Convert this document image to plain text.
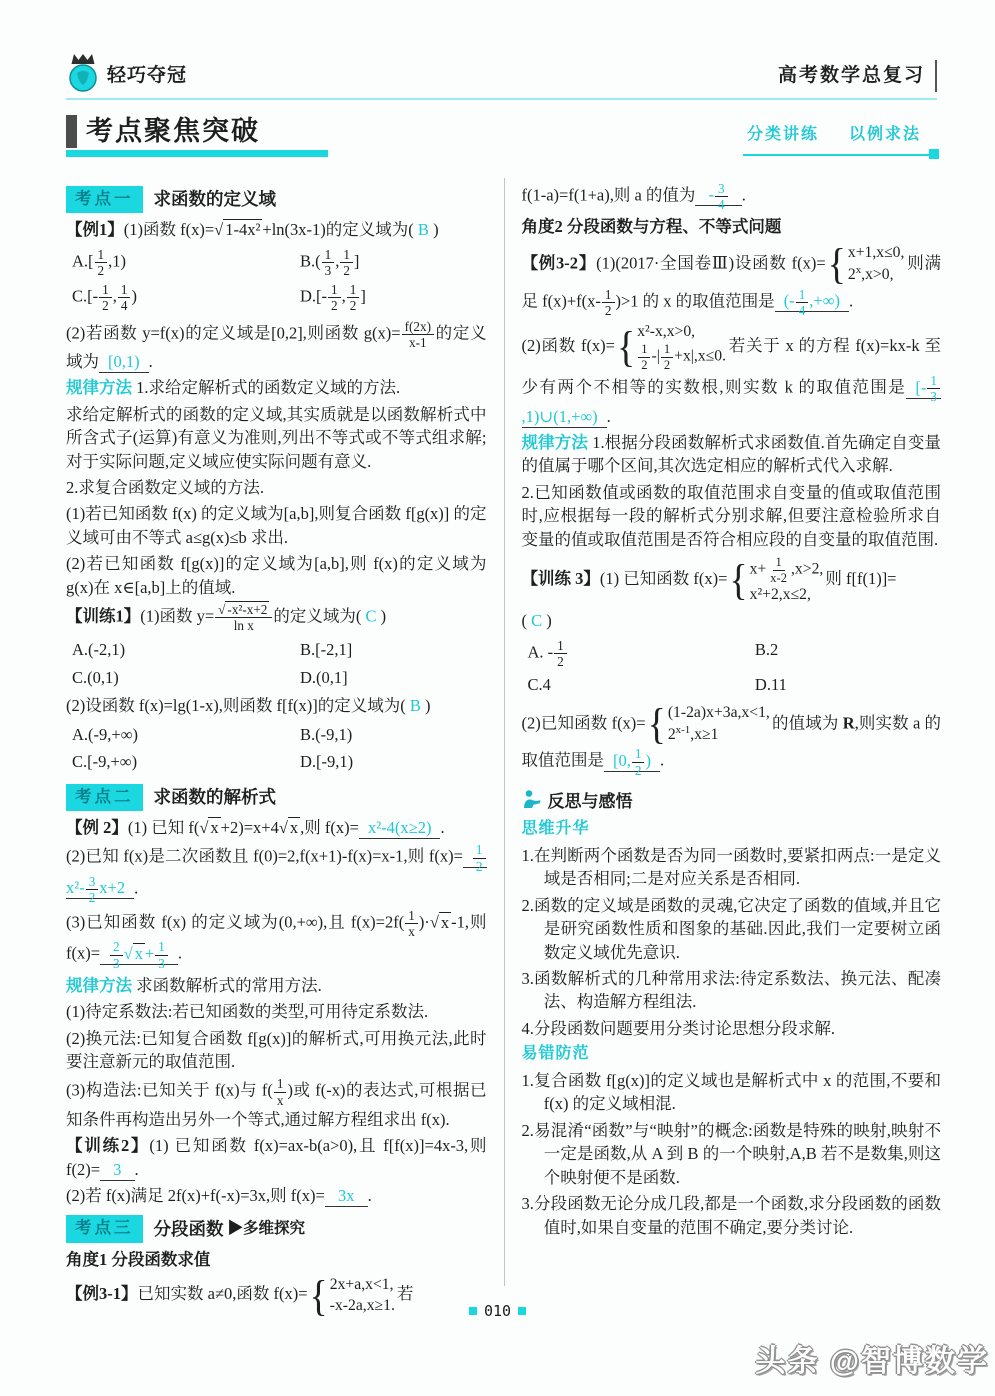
轻巧夺冠	高考数学总复习
考点聚焦突破	分类讲练 以例求法
考点一	求函数的定义域

【例1】(1)函数 f(x)=√ 1-4x² +ln(3x-1)的定义域为( B )

$A.[ \frac{1}{2} ,1)$	$B.( \frac{1}{3}$ , $\frac{1}{2}$ ]
$C.[- \frac{1}{2}$ , $\frac{1}{4}$ )	$D.[- \frac{1}{2}$ , $\frac{1}{2}$ ]

(2)若函数 y=f(x)的定义域是[0,2],则函数 $g(x)= \frac{f(2x)}{x-1}$ 的定义域为 [0,1) .

规律方法 1.求给定解析式的函数定义域的方法.

求给定解析式的函数的定义域,其实质就是以函数解析式中所含式子(运算)有意义为准则,列出不等式或不等式组求解;对于实际问题,定义域应使实际问题有意义.

2.求复合函数定义域的方法.

(1)若已知函数 f(x) 的定义域为[a,b],则复合函数 f[g(x)] 的定义域可由不等式 a≤g(x)≤b 求出.

(2)若已知函数 f[g(x)]的定义域为[a,b],则 f(x)的定义域为 g(x)在 x∈[a,b]上的值域.

【训练1】(1)函数 $y= \frac{\text{√ -x²-x+2}}{\text{ln x}}$ 的定义域为( C )

A.(-2,1)	B.[-2,1]
C.(0,1)	D.(0,1]

(2)设函数 f(x)=lg(1-x),则函数 f[f(x)]的定义域为( B )

A.(-9,+∞)	B.(-9,1)
C.[-9,+∞)	D.[-9,1)
考点二	求函数的解析式

【例 2】(1) 已知 f(√ x +2)=x+4√ x ,则 f(x)= x²-4(x≥2) .

(2)已知 f(x)是二次函数且 f(0)=2,f(x+1)-f(x)=x-1,则 $f(x)= \frac{1}{2}$
$x^2- \frac{3}{2} x+2$ .

(3)已知函数 f(x) 的定义域为(0,+∞),且 $f(x)=2f( \frac{1}{x}$ )·√ x -1,则 $f(x)= \frac{2}{3}$ √ $x + \frac{1}{3}$ .

规律方法 求函数解析式的常用方法.

(1)待定系数法:若已知函数的类型,可用待定系数法.

(2)换元法:已知复合函数 f[g(x)]的解析式,可用换元法,此时要注意新元的取值范围.

(3)构造法:已知关于 f(x)与 $f( \frac{1}{x}$ )或 f(-x)的表达式,可根据已知条件再构造出另外一个等式,通过解方程组求出 f(x).

【训练2】(1) 已知函数 f(x)=ax-b(a>0),且 f[f(x)]=4x-3,则 f(2)= 3 .

(2)若 f(x)满足 2f(x)+f(-x)=3x,则 f(x)= 3x .

考点三	分段函数 ▶多维探究

角度1 分段函数求值

【例3-1】已知实数 a≠0,函数 f(x)= { 2x+a,x<1,
-x-2a,x≥1.
若

f(1-a)=f(1+a),则 a 的值为 - $\frac{3}{4}$ .

角度2 分段函数与方程、不等式问题

【例3-2】(1)(2017·全国卷Ⅲ)设函数 f(x)= { x+1,x≤0,
$2^x,x>0$,
则满足 $f(x)+f(x- \frac{1}{2} )>1$ 的 x 的取值范围是 (- $\frac{1}{4}$ ,+∞) .

(2)函数 f(x)= { x²-x,x>0,
$\frac{1}{2}$ -| $\frac{1}{2} +x|,x\le 0$.
若关于 x 的方程 f(x)=kx-k 至少有两个不相等的实数根,则实数 k 的取值范围是 [- $\frac{1}{3}$
,1)∪(1,+∞) .

规律方法 1.根据分段函数解析式求函数值.首先确定自变量的值属于哪个区间,其次选定相应的解析式代入求解.

2.已知函数值或函数的取值范围求自变量的值或取值范围时,应根据每一段的解析式分别求解,但要注意检验所求自变量的值或取值范围是否符合相应段的自变量的取值范围.

【训练 3】(1) 已知函数 f(x)= { $x+ \frac{1}{x-2} ,x>2$,
x²+2,x≤2,
则 f[f(1)]=

( C )

A. - $\frac{1}{2}$	B.2
C.4	D.11

(2)已知函数 f(x)= { (1-2a)x+3a,x<1,
$2^{x-1},x\ge 1$
的值域为 R,则实数 a 的取值范围是 [0, $\frac{1}{2}$ ) .

反思与感悟

思维升华

1.在判断两个函数是否为同一函数时,要紧扣两点:一是定义域是否相同;二是对应关系是否相同.

2.函数的定义域是函数的灵魂,它决定了函数的值域,并且它是研究函数性质和图象的基础.因此,我们一定要树立函数定义域优先意识.

3.函数解析式的几种常用求法:待定系数法、换元法、配凑法、构造解方程组法.

4.分段函数问题要用分类讨论思想分段求解.

易错防范

1.复合函数 f[g(x)]的定义域也是解析式中 x 的范围,不要和 f(x) 的定义域相混.

2.易混淆“函数”与“映射”的概念:函数是特殊的映射,映射不一定是函数,从 A 到 B 的一个映射,A,B 若不是数集,则这个映射便不是函数.

3.分段函数无论分成几段,都是一个函数,求分段函数的函数值时,如果自变量的范围不确定,要分类讨论.

010
头条 @智博数学
